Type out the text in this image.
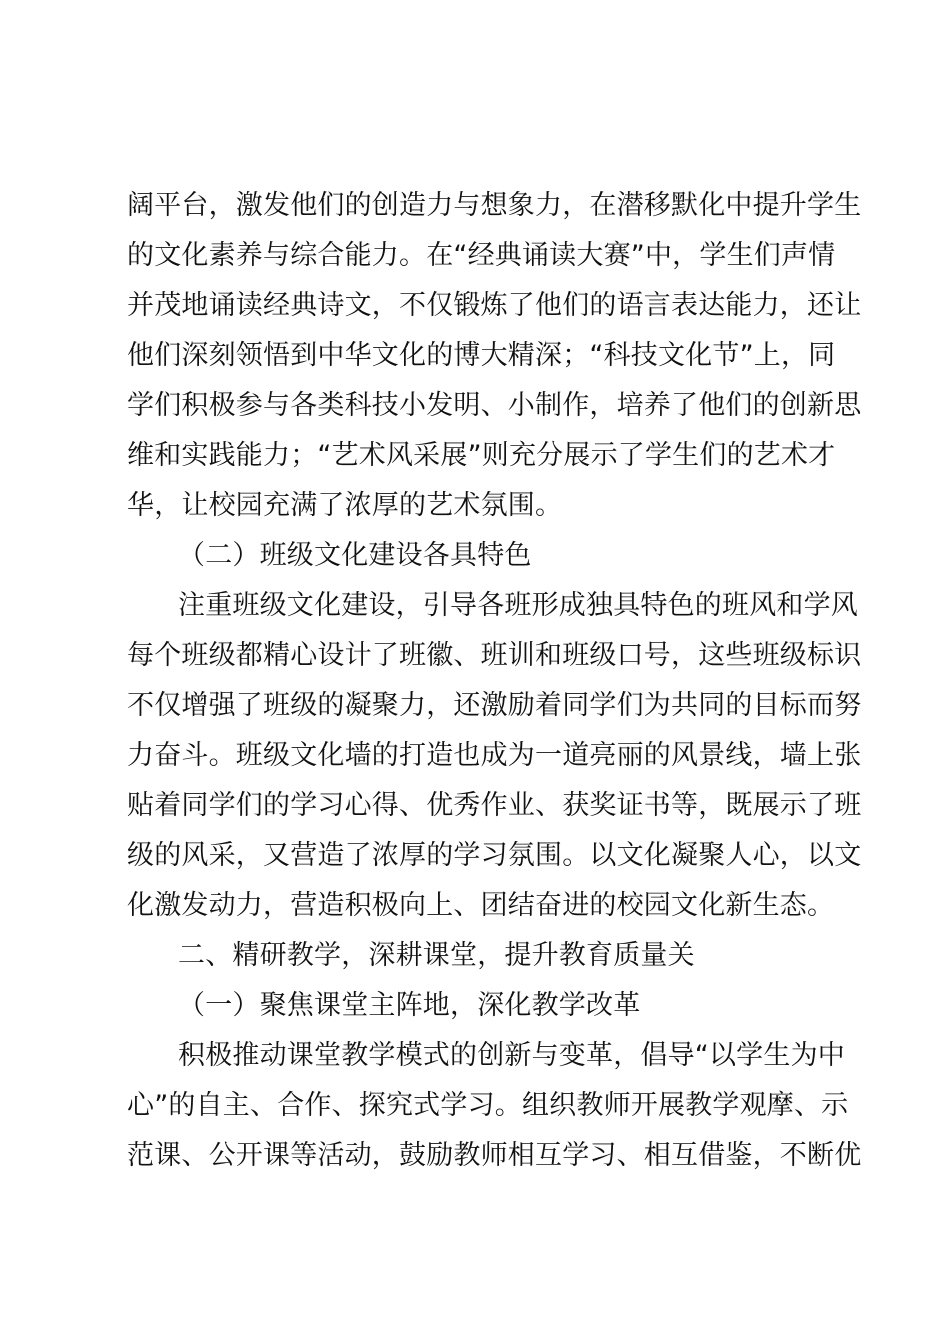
阔平台，激发他们的创造力与想象力，在潜移默化中提升学生
的文化素养与综合能力。在“经典诵读大赛”中，学生们声情
并茂地诵读经典诗文，不仅锻炼了他们的语言表达能力，还让
他们深刻领悟到中华文化的博大精深；“科技文化节”上，同
学们积极参与各类科技小发明、小制作，培养了他们的创新思
维和实践能力；“艺术风采展”则充分展示了学生们的艺术才
华，让校园充满了浓厚的艺术氛围。
（二）班级文化建设各具特色
注重班级文化建设，引导各班形成独具特色的班风和学风
每个班级都精心设计了班徽、班训和班级口号，这些班级标识
不仅增强了班级的凝聚力，还激励着同学们为共同的目标而努
力奋斗。班级文化墙的打造也成为一道亮丽的风景线，墙上张
贴着同学们的学习心得、优秀作业、获奖证书等，既展示了班
级的风采，又营造了浓厚的学习氛围。以文化凝聚人心，以文
化激发动力，营造积极向上、团结奋进的校园文化新生态。
二、精研教学，深耕课堂，提升教育质量关
（一）聚焦课堂主阵地，深化教学改革
积极推动课堂教学模式的创新与变革，倡导“以学生为中
心”的自主、合作、探究式学习。组织教师开展教学观摩、示
范课、公开课等活动，鼓励教师相互学习、相互借鉴，不断优
